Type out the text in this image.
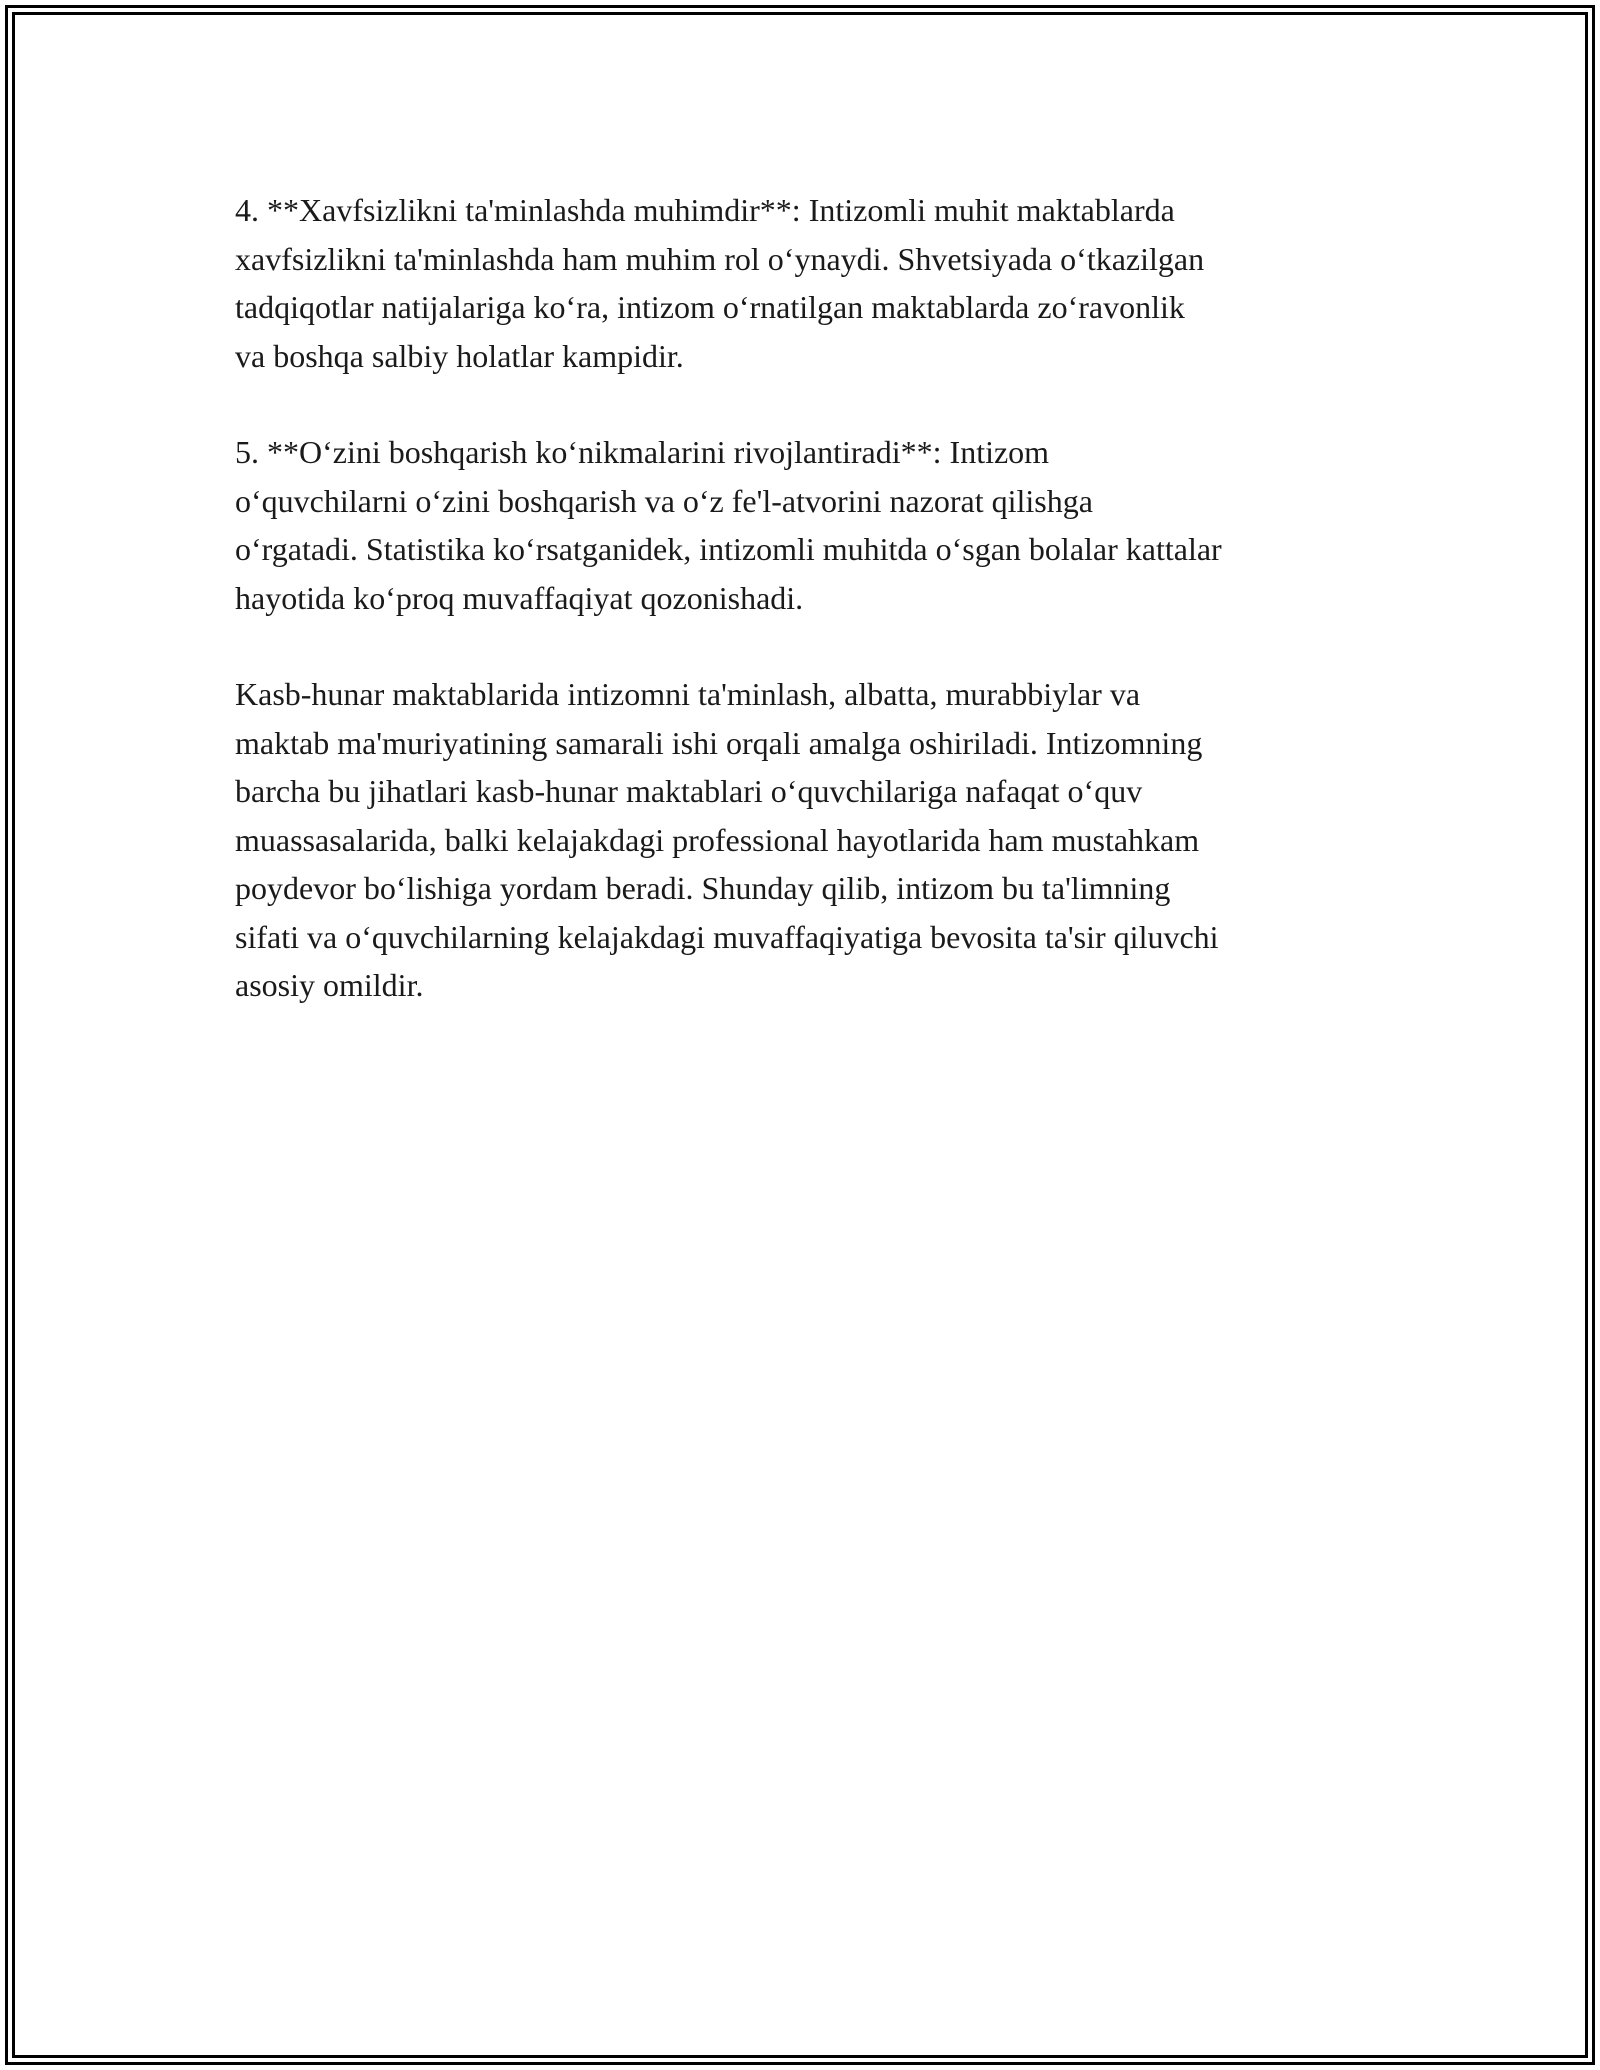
4. **Xavfsizlikni ta'minlashda muhimdir**: Intizomli muhit maktablarda
xavfsizlikni ta'minlashda ham muhim rol o‘ynaydi. Shvetsiyada o‘tkazilgan
tadqiqotlar natijalariga ko‘ra, intizom o‘rnatilgan maktablarda zo‘ravonlik
va boshqa salbiy holatlar kampidir.

5. **O‘zini boshqarish ko‘nikmalarini rivojlantiradi**: Intizom
o‘quvchilarni o‘zini boshqarish va o‘z fe'l-atvorini nazorat qilishga
o‘rgatadi. Statistika ko‘rsatganidek, intizomli muhitda o‘sgan bolalar kattalar
hayotida ko‘proq muvaffaqiyat qozonishadi.

Kasb-hunar maktablarida intizomni ta'minlash, albatta, murabbiylar va
maktab ma'muriyatining samarali ishi orqali amalga oshiriladi. Intizomning
barcha bu jihatlari kasb-hunar maktablari o‘quvchilariga nafaqat o‘quv
muassasalarida, balki kelajakdagi professional hayotlarida ham mustahkam
poydevor bo‘lishiga yordam beradi. Shunday qilib, intizom bu ta'limning
sifati va o‘quvchilarning kelajakdagi muvaffaqiyatiga bevosita ta'sir qiluvchi
asosiy omildir.
